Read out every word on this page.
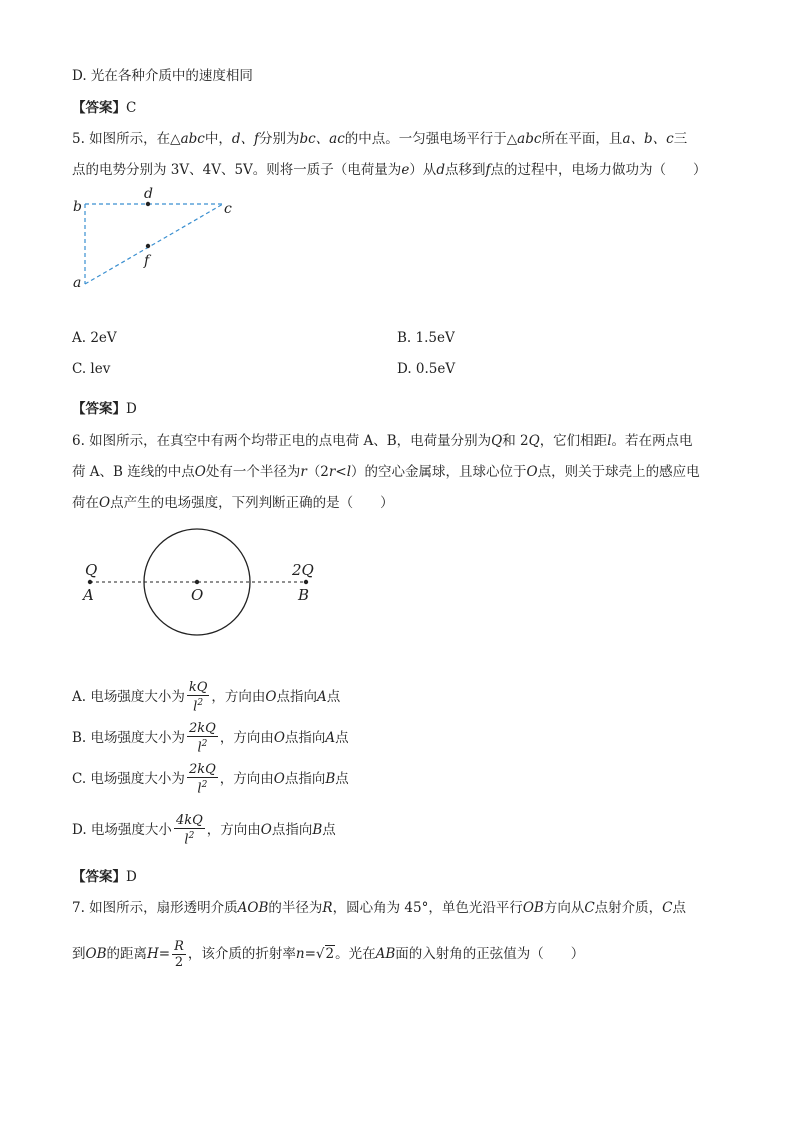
D. 光在各种介质中的速度相同
【答案】C
5. 如图所示，在△abc中，d、f分别为bc、ac的中点。一匀强电场平行于△abc所在平面，且a、b、c三
点的电势分别为 3V、4V、5V。则将一质子（电荷量为e）从d点移到f点的过程中，电场力做功为（　　）
b
d
c
f
a
A. 2eV	B. 1.5eV
C. lev	D. 0.5eV
【答案】D
6. 如图所示，在真空中有两个均带正电的点电荷 A、B，电荷量分别为Q和 2Q，它们相距l。若在两点电
荷 A、B 连线的中点O处有一个半径为r（2r<l）的空心金属球，且球心位于O点，则关于球壳上的感应电
荷在O点产生的电场强度，下列判断正确的是（　　）
Q
A	O
2Q
B
A. 电场强度大小为 $\frac{kQ}{l^2}$ ，方向由O点指向A点
B. 电场强度大小为 $\frac{2kQ}{l^2}$ ，方向由O点指向A点
C. 电场强度大小为 $\frac{2kQ}{l^2}$ ，方向由O点指向B点
D. 电场强度大小 $\frac{4kQ}{l^2}$ ，方向由O点指向B点
【答案】D
7. 如图所示，扇形透明介质AOB的半径为R，圆心角为 45°，单色光沿平行OB方向从C点射介质，C点
到OB的距离$H= \frac{R}{2}$ ，该介质的折射率n=√2。光在AB面的入射角的正弦值为（　　）
